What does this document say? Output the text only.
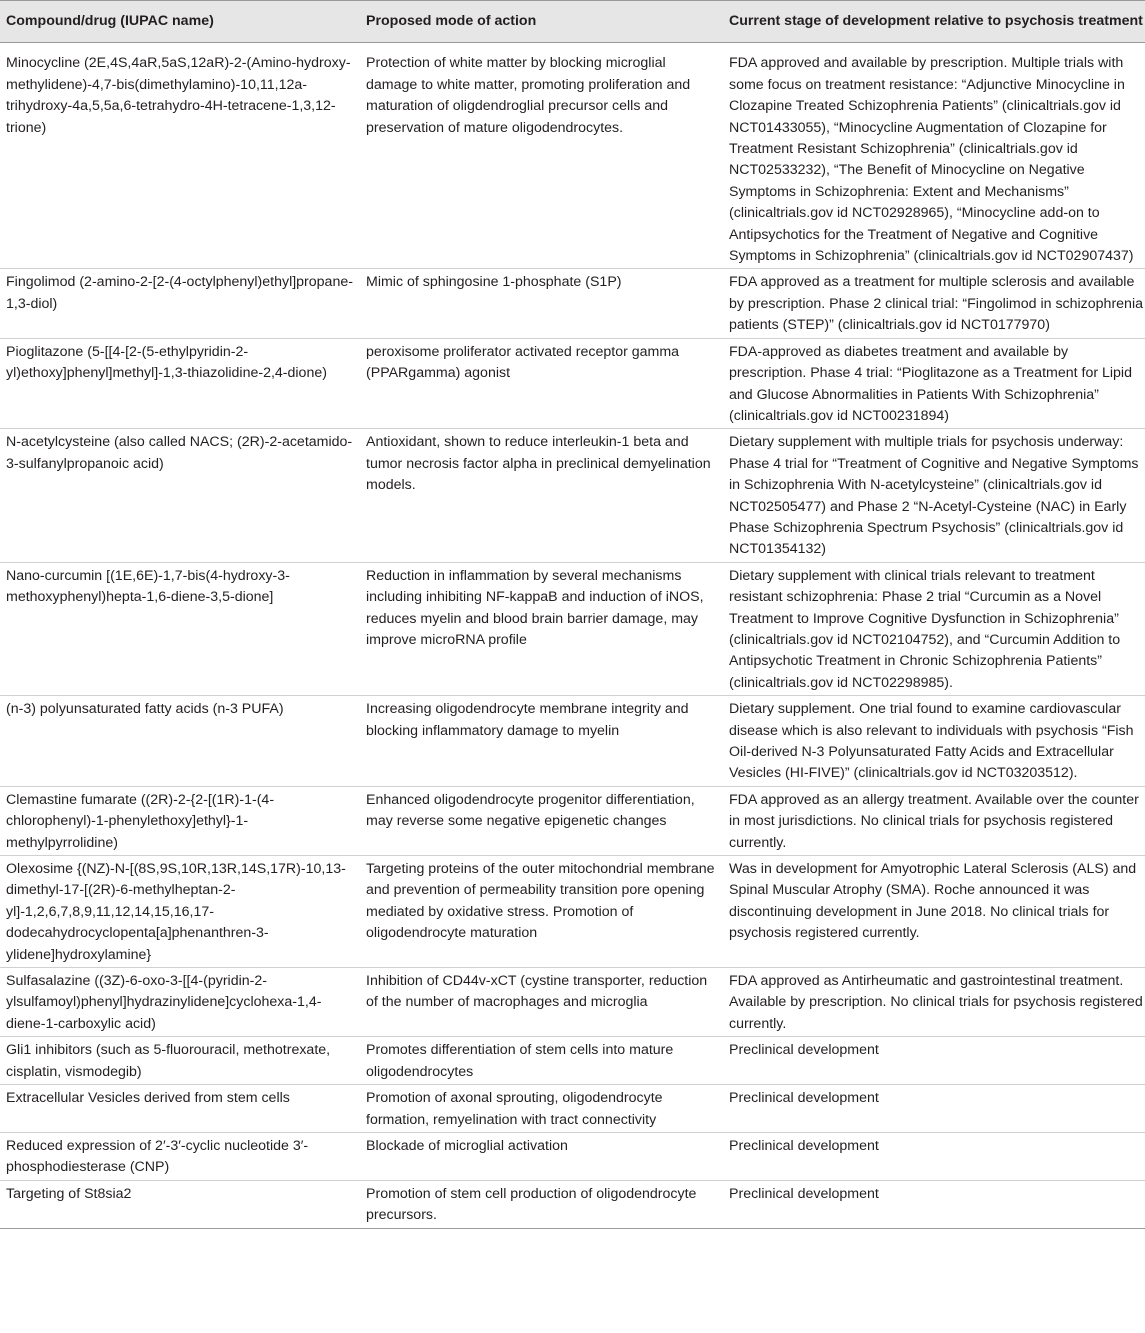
Compound/drug (IUPAC name)	Proposed mode of action	Current stage of development relative to psychosis treatment
Minocycline (2E,4S,4aR,5aS,12aR)-2-(Amino-hydroxy-methylidene)-4,7-bis(dimethylamino)-10,11,12a-trihydroxy-4a,5,5a,6-tetrahydro-4H-tetracene-1,3,12-trione)	Protection of white matter by blocking microglial damage to white matter, promoting proliferation and maturation of oligdendroglial precursor cells and preservation of mature oligodendrocytes.	FDA approved and available by prescription. Multiple trials with some focus on treatment resistance: “Adjunctive Minocycline in Clozapine Treated Schizophrenia Patients” (clinicaltrials.gov id NCT01433055), “Minocycline Augmentation of Clozapine for Treatment Resistant Schizophrenia” (clinicaltrials.gov id NCT02533232), “The Benefit of Minocycline on Negative Symptoms in Schizophrenia: Extent and Mechanisms” (clinicaltrials.gov id NCT02928965), “Minocycline add-on to Antipsychotics for the Treatment of Negative and Cognitive Symptoms in Schizophrenia” (clinicaltrials.gov id NCT02907437)
Fingolimod (2-amino-2-[2-(4-octylphenyl)ethyl]propane-1,3-diol)	Mimic of sphingosine 1-phosphate (S1P)	FDA approved as a treatment for multiple sclerosis and available by prescription. Phase 2 clinical trial: “Fingolimod in schizophrenia patients (STEP)” (clinicaltrials.gov id NCT0177970)
Pioglitazone (5-[[4-[2-(5-ethylpyridin-2-yl)ethoxy]phenyl]methyl]-1,3-thiazolidine-2,4-dione)	peroxisome proliferator activated receptor gamma (PPARgamma) agonist	FDA-approved as diabetes treatment and available by prescription. Phase 4 trial: “Pioglitazone as a Treatment for Lipid and Glucose Abnormalities in Patients With Schizophrenia” (clinicaltrials.gov id NCT00231894)
N-acetylcysteine (also called NACS; (2R)-2-acetamido-3-sulfanylpropanoic acid)	Antioxidant, shown to reduce interleukin-1 beta and tumor necrosis factor alpha in preclinical demyelination models.	Dietary supplement with multiple trials for psychosis underway: Phase 4 trial for “Treatment of Cognitive and Negative Symptoms in Schizophrenia With N-acetylcysteine” (clinicaltrials.gov id NCT02505477) and Phase 2 “N-Acetyl-Cysteine (NAC) in Early Phase Schizophrenia Spectrum Psychosis” (clinicaltrials.gov id NCT01354132)
Nano-curcumin [(1E,6E)-1,7-bis(4-hydroxy-3-methoxyphenyl)hepta-1,6-diene-3,5-dione]	Reduction in inflammation by several mechanisms including inhibiting NF-kappaB and induction of iNOS, reduces myelin and blood brain barrier damage, may improve microRNA profile	Dietary supplement with clinical trials relevant to treatment resistant schizophrenia: Phase 2 trial “Curcumin as a Novel Treatment to Improve Cognitive Dysfunction in Schizophrenia” (clinicaltrials.gov id NCT02104752), and “Curcumin Addition to Antipsychotic Treatment in Chronic Schizophrenia Patients” (clinicaltrials.gov id NCT02298985).
(n-3) polyunsaturated fatty acids (n-3 PUFA)	Increasing oligodendrocyte membrane integrity and blocking inflammatory damage to myelin	Dietary supplement. One trial found to examine cardiovascular disease which is also relevant to individuals with psychosis “Fish Oil-derived N-3 Polyunsaturated Fatty Acids and Extracellular Vesicles (HI-FIVE)” (clinicaltrials.gov id NCT03203512).
Clemastine fumarate ((2R)-2-{2-[(1R)-1-(4-chlorophenyl)-1-phenylethoxy]ethyl}-1-methylpyrrolidine)	Enhanced oligodendrocyte progenitor differentiation, may reverse some negative epigenetic changes	FDA approved as an allergy treatment. Available over the counter in most jurisdictions. No clinical trials for psychosis registered currently.
Olexosime {(NZ)-N-[(8S,9S,10R,13R,14S,17R)-10,13-dimethyl-17-[(2R)-6-methylheptan-2-yl]-1,2,6,7,8,9,11,12,14,15,16,17-dodecahydrocyclopenta[a]phenanthren-3-ylidene]hydroxylamine}	Targeting proteins of the outer mitochondrial membrane and prevention of permeability transition pore opening mediated by oxidative stress. Promotion of oligodendrocyte maturation	Was in development for Amyotrophic Lateral Sclerosis (ALS) and Spinal Muscular Atrophy (SMA). Roche announced it was discontinuing development in June 2018. No clinical trials for psychosis registered currently.
Sulfasalazine ((3Z)-6-oxo-3-[[4-(pyridin-2-ylsulfamoyl)phenyl]hydrazinylidene]cyclohexa-1,4-diene-1-carboxylic acid)	Inhibition of CD44v-xCT (cystine transporter, reduction of the number of macrophages and microglia	FDA approved as Antirheumatic and gastrointestinal treatment. Available by prescription. No clinical trials for psychosis registered currently.
Gli1 inhibitors (such as 5-fluorouracil, methotrexate, cisplatin, vismodegib)	Promotes differentiation of stem cells into mature oligodendrocytes	Preclinical development
Extracellular Vesicles derived from stem cells	Promotion of axonal sprouting, oligodendrocyte formation, remyelination with tract connectivity	Preclinical development
Reduced expression of 2′-3′-cyclic nucleotide 3′-phosphodiesterase (CNP)	Blockade of microglial activation	Preclinical development
Targeting of St8sia2	Promotion of stem cell production of oligodendrocyte precursors.	Preclinical development
